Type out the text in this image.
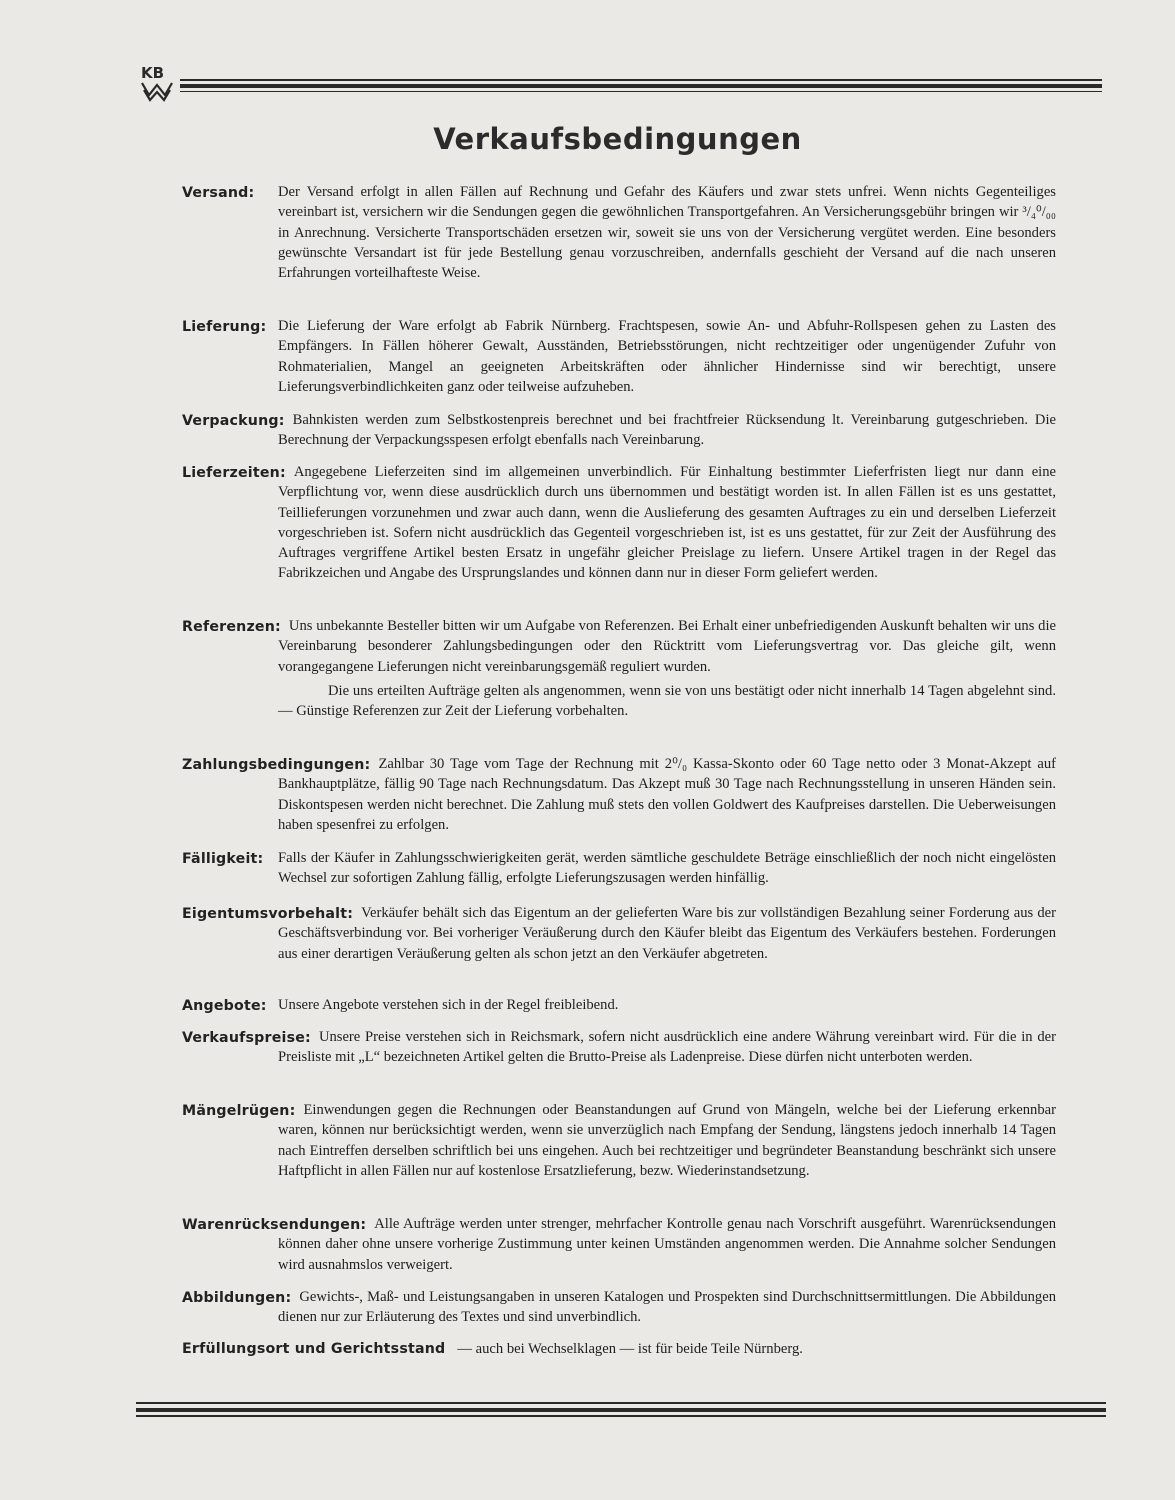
KB
Verkaufsbedingungen
Versand:	Der Versand erfolgt in allen Fällen auf Rechnung und Gefahr des Käufers und zwar stets unfrei. Wenn nichts Gegenteiliges vereinbart ist, versichern wir die Sendungen gegen die gewöhnlichen Transportgefahren. An Versicherungsgebühr bringen wir ³/₄⁰/₀₀ in Anrechnung. Versicherte Transportschäden ersetzen wir, soweit sie uns von der Versicherung vergütet werden. Eine besonders gewünschte Versandart ist für jede Bestellung genau vorzuschreiben, andernfalls geschieht der Versand auf die nach unseren Erfahrungen vorteilhafteste Weise.

Lieferung: Die Lieferung der Ware erfolgt ab Fabrik Nürnberg. Frachtspesen, sowie An- und Abfuhr-Rollspesen gehen zu Lasten des Empfängers. In Fällen höherer Gewalt, Ausständen, Betriebsstörungen, nicht rechtzeitiger oder ungenügender Zufuhr von Rohmaterialien, Mangel an geeigneten Arbeitskräften oder ähnlicher Hindernisse sind wir berechtigt, unsere Lieferungsverbindlichkeiten ganz oder teilweise aufzuheben.

Verpackung: Bahnkisten werden zum Selbstkostenpreis berechnet und bei frachtfreier Rücksendung lt. Vereinbarung gutgeschrieben. Die Berechnung der Verpackungsspesen erfolgt ebenfalls nach Vereinbarung.

Lieferzeiten: Angegebene Lieferzeiten sind im allgemeinen unverbindlich. Für Einhaltung bestimmter Lieferfristen liegt nur dann eine Verpflichtung vor, wenn diese ausdrücklich durch uns übernommen und bestätigt worden ist. In allen Fällen ist es uns gestattet, Teillieferungen vorzunehmen und zwar auch dann, wenn die Auslieferung des gesamten Auftrages zu ein und derselben Lieferzeit vorgeschrieben ist. Sofern nicht ausdrücklich das Gegenteil vorgeschrieben ist, ist es uns gestattet, für zur Zeit der Ausführung des Auftrages vergriffene Artikel besten Ersatz in ungefähr gleicher Preislage zu liefern. Unsere Artikel tragen in der Regel das Fabrikzeichen und Angabe des Ursprungslandes und können dann nur in dieser Form geliefert werden.

Referenzen: Uns unbekannte Besteller bitten wir um Aufgabe von Referenzen. Bei Erhalt einer unbefriedigenden Auskunft behalten wir uns die Vereinbarung besonderer Zahlungsbedingungen oder den Rücktritt vom Lieferungsvertrag vor. Das gleiche gilt, wenn vorangegangene Lieferungen nicht vereinbarungsgemäß reguliert wurden.

Die uns erteilten Aufträge gelten als angenommen, wenn sie von uns bestätigt oder nicht innerhalb 14 Tagen abgelehnt sind. — Günstige Referenzen zur Zeit der Lieferung vorbehalten.

Zahlungsbedingungen: Zahlbar 30 Tage vom Tage der Rechnung mit 2⁰/₀ Kassa-Skonto oder 60 Tage netto oder 3 Monat-Akzept auf Bankhauptplätze, fällig 90 Tage nach Rechnungsdatum. Das Akzept muß 30 Tage nach Rechnungsstellung in unseren Händen sein. Diskontspesen werden nicht berechnet. Die Zahlung muß stets den vollen Goldwert des Kaufpreises darstellen. Die Ueberweisungen haben spesenfrei zu erfolgen.

Fälligkeit:	Falls der Käufer in Zahlungsschwierigkeiten gerät, werden sämtliche geschuldete Beträge einschließlich der noch nicht eingelösten Wechsel zur sofortigen Zahlung fällig, erfolgte Lieferungszusagen werden hinfällig.

Eigentumsvorbehalt: Verkäufer behält sich das Eigentum an der gelieferten Ware bis zur vollständigen Bezahlung seiner Forderung aus der Geschäftsverbindung vor. Bei vorheriger Veräußerung durch den Käufer bleibt das Eigentum des Verkäufers bestehen. Forderungen aus einer derartigen Veräußerung gelten als schon jetzt an den Verkäufer abgetreten.

Angebote: Unsere Angebote verstehen sich in der Regel freibleibend.

Verkaufspreise: Unsere Preise verstehen sich in Reichsmark, sofern nicht ausdrücklich eine andere Währung vereinbart wird. Für die in der Preisliste mit „L“ bezeichneten Artikel gelten die Brutto-Preise als Ladenpreise. Diese dürfen nicht unterboten werden.

Mängelrügen: Einwendungen gegen die Rechnungen oder Beanstandungen auf Grund von Mängeln, welche bei der Lieferung erkennbar waren, können nur berücksichtigt werden, wenn sie unverzüglich nach Empfang der Sendung, längstens jedoch innerhalb 14 Tagen nach Eintreffen derselben schriftlich bei uns eingehen. Auch bei rechtzeitiger und begründeter Beanstandung beschränkt sich unsere Haftpflicht in allen Fällen nur auf kostenlose Ersatzlieferung, bezw. Wiederinstandsetzung.

Warenrücksendungen: Alle Aufträge werden unter strenger, mehrfacher Kontrolle genau nach Vorschrift ausgeführt. Warenrücksendungen können daher ohne unsere vorherige Zustimmung unter keinen Umständen angenommen werden. Die Annahme solcher Sendungen wird ausnahmslos verweigert.

Abbildungen: Gewichts-, Maß- und Leistungsangaben in unseren Katalogen und Prospekten sind Durchschnittsermittlungen. Die Abbildungen dienen nur zur Erläuterung des Textes und sind unverbindlich.

Erfüllungsort und Gerichtsstand — auch bei Wechselklagen — ist für beide Teile Nürnberg.
